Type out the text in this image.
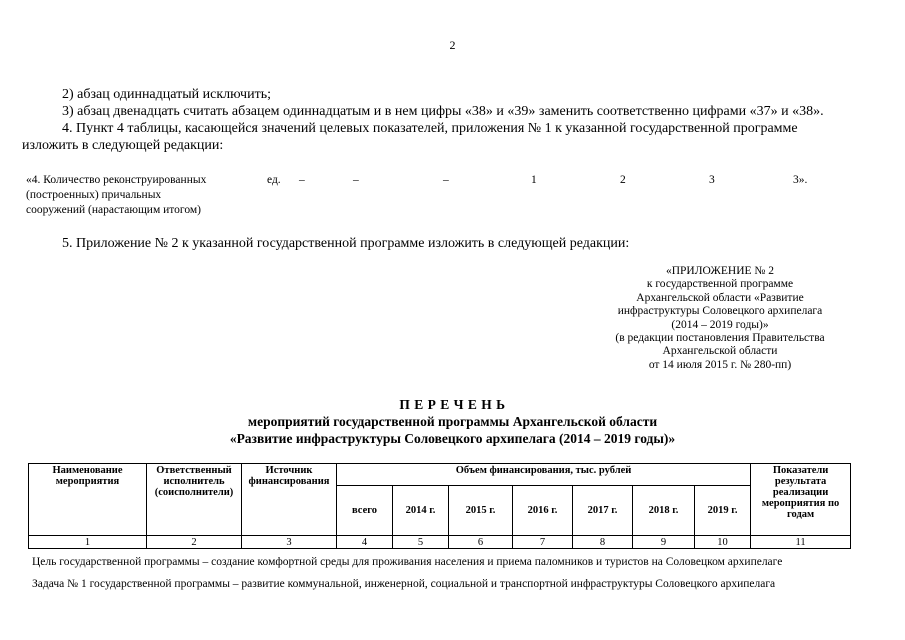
2
2) абзац одиннадцатый исключить;
3) абзац двенадцать считать абзацем одиннадцатым и в нем цифры «38» и «39» заменить соответственно цифрами «37» и «38».
4. Пункт 4 таблицы, касающейся значений целевых показателей, приложения № 1 к указанной государственной программе
изложить в следующей редакции:
«4. Количество реконструированных
(построенных) причальных
сооружений (нарастающим итогом)
ед. –	–	–	1	2	3	3».
5. Приложение № 2 к указанной государственной программе изложить в следующей редакции:
«ПРИЛОЖЕНИЕ № 2
к государственной программе
Архангельской области «Развитие
инфраструктуры Соловецкого архипелага
(2014 – 2019 годы)»
(в редакции постановления Правительства
Архангельской области
от 14 июля 2015 г. № 280-пп)
П Е Р Е Ч Е Н Ь
мероприятий государственной программы Архангельской области
«Развитие инфраструктуры Соловецкого архипелага (2014 – 2019 годы)»
Наименование мероприятия	Ответственный исполнитель (соисполнители)	Источник финансирования	Объем финансирования, тыс. рублей							Показатели результата реализации мероприятия по годам
			всего	2014 г.	2015 г.	2016 г.	2017 г.	2018 г.	2019 г.	
1	2	3	4	5	6	7	8	9	10	11
Цель государственной программы – создание комфортной среды для проживания населения и приема паломников и туристов на Соловецком архипелаге
Задача № 1 государственной программы – развитие коммунальной, инженерной, социальной и транспортной инфраструктуры Соловецкого архипелага
